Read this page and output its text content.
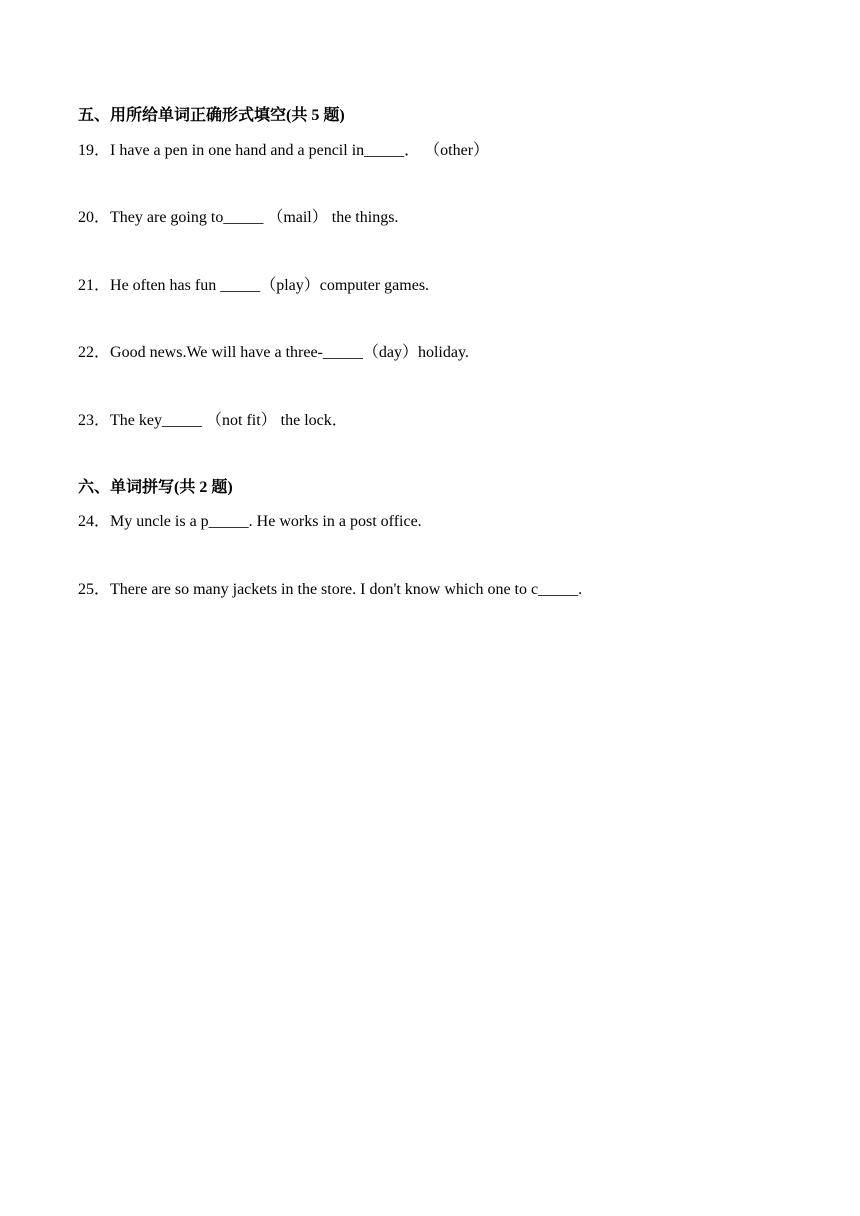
五、用所给单词正确形式填空(共 5 题)
19．I have a pen in one hand and a pencil in_____． （other）
20．They are going to_____ （mail） the things.
21．He often has fun _____（play）computer games.
22．Good news.We will have a three-_____（day）holiday.
23．The key_____ （not fit） the lock．
六、单词拼写(共 2 题)
24．My uncle is a p_____. He works in a post office.
25．There are so many jackets in the store. I don't know which one to c_____.
